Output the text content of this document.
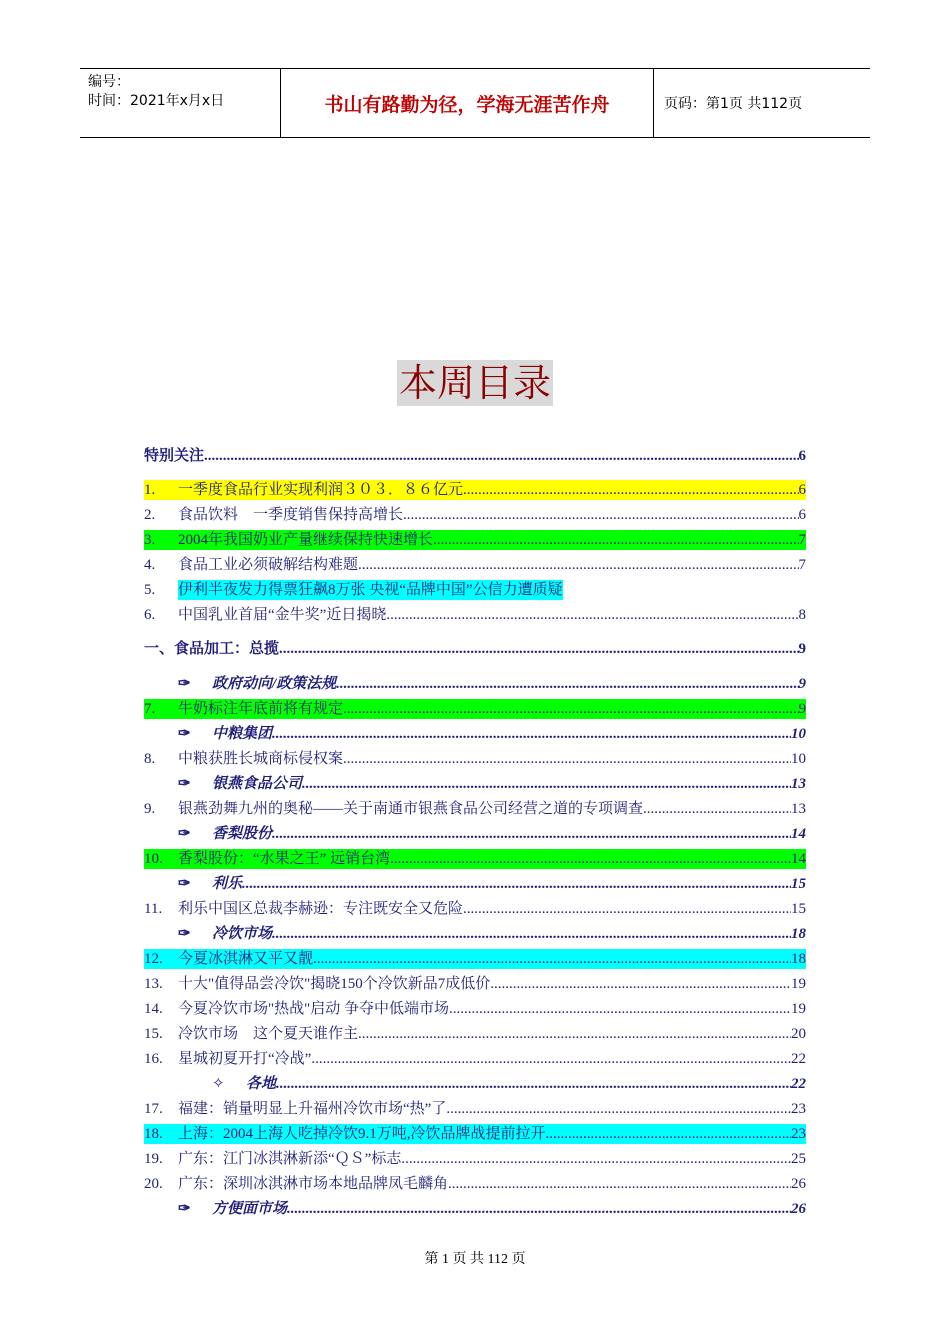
编号：
时间：2021年x月x日	书山有路勤为径，学海无涯苦作舟	页码：第1页 共112页
本周目录
特别关注 .....	6
1.	一季度食品行业实现利润３０３．８６亿元 .....	6
2.	食品饮料　一季度销售保持高增长 .....	6
3.	2004年我国奶业产量继续保持快速增长 .....	7
4.	食品工业必须破解结构难题 .....	7
5.	伊利半夜发力得票狂飙8万张 央视“品牌中国”公信力遭质疑
6.	中国乳业首届“金牛奖”近日揭晓 .....	8
一、食品加工：总揽 .....	9
✑	政府动向/政策法规 .....	9
7.	牛奶标注年底前将有规定 .....	9
✑	中粮集团 .....	10
8.	中粮获胜长城商标侵权案 .....	10
✑	银燕食品公司 .....	13
9.	银燕劲舞九州的奥秘——关于南通市银燕食品公司经营之道的专项调查 .....	13
✑	香梨股份 .....	14
10.	香梨股份：“水果之王” 远销台湾 .....	14
✑	利乐 .....	15
11.	利乐中国区总裁李赫逊：专注既安全又危险 .....	15
✑	冷饮市场 .....	18
12.	今夏冰淇淋又平又靓 .....	18
13.	十大"值得品尝冷饮"揭晓150个冷饮新品7成低价 .....	19
14.	今夏冷饮市场"热战"启动 争夺中低端市场 .....	19
15.	冷饮市场　这个夏天谁作主 .....	20
16.	星城初夏开打“冷战” .....	22
✧	各地 .....	22
17.	福建：销量明显上升福州冷饮市场“热”了 .....	23
18.	上海：2004上海人吃掉冷饮9.1万吨,冷饮品牌战提前拉开 .....	23
19.	广东：江门冰淇淋新添“ＱＳ”标志 .....	25
20.	广东：深圳冰淇淋市场本地品牌凤毛麟角 .....	26
✑	方便面市场 .....	26
第 1 页 共 112 页
